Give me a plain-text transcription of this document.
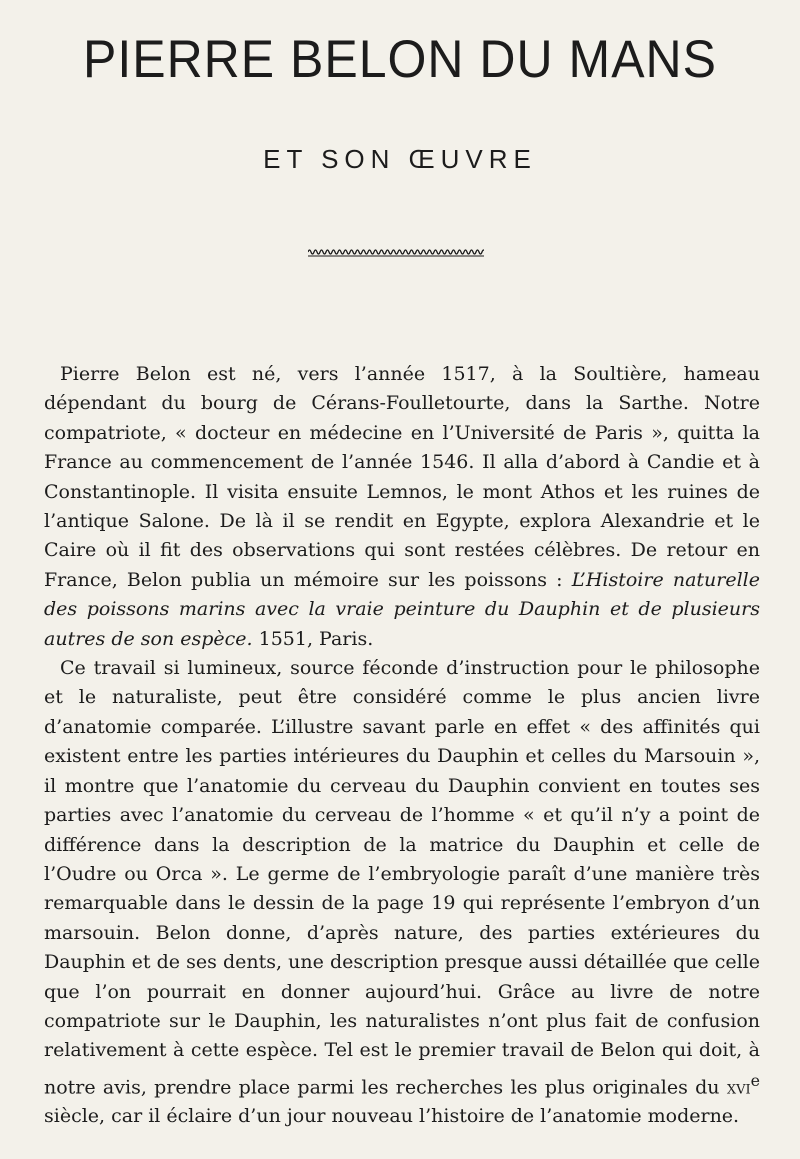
PIERRE BELON DU MANS
ET SON ŒUVRE

Pierre Belon est né, vers l’année 1517, à la Soultière, hameau dépendant du bourg de Cérans-Foulletourte, dans la Sarthe. Notre compatriote, « docteur en médecine en l’Université de Paris », quitta la France au commencement de l’année 1546. Il alla d’abord à Candie et à Constantinople. Il visita ensuite Lemnos, le mont Athos et les ruines de l’antique Salone. De là il se rendit en Egypte, explora Alexandrie et le Caire où il fit des observations qui sont restées célèbres. De retour en France, Belon publia un mémoire sur les poissons : L’Histoire naturelle des poissons marins avec la vraie peinture du Dauphin et de plusieurs autres de son espèce. 1551, Paris.

Ce travail si lumineux, source féconde d’instruction pour le philosophe et le naturaliste, peut être considéré comme le plus ancien livre d’anatomie comparée. L’illustre savant parle en effet « des affinités qui existent entre les parties intérieures du Dauphin et celles du Marsouin », il montre que l’anatomie du cerveau du Dauphin convient en toutes ses parties avec l’anatomie du cerveau de l’homme « et qu’il n’y a point de différence dans la description de la matrice du Dauphin et celle de l’Oudre ou Orca ». Le germe de l’embryologie paraît d’une manière très remarquable dans le dessin de la page 19 qui représente l’embryon d’un marsouin. Belon donne, d’après nature, des parties extérieures du Dauphin et de ses dents, une description presque aussi détaillée que celle que l’on pourrait en donner aujourd’hui. Grâce au livre de notre compatriote sur le Dauphin, les naturalistes n’ont plus fait de confusion relativement à cette espèce. Tel est le premier travail de Belon qui doit, à notre avis, prendre place parmi les recherches les plus originales du xvi$^e$ siècle, car il éclaire d’un jour nouveau l’histoire de l’anatomie moderne.
